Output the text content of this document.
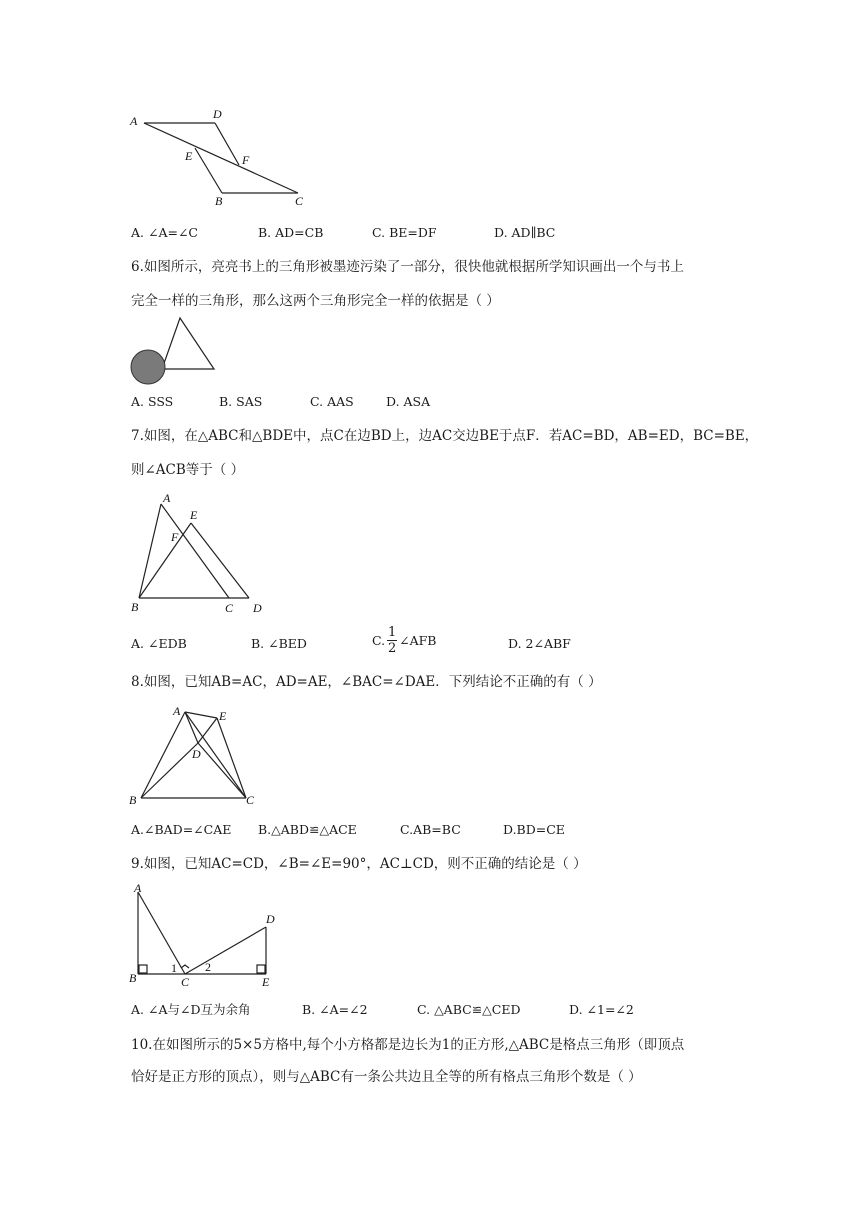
A	D
E	F
B	C
A. ∠A=∠C	B. AD=CB	C. BE=DF	D. AD∥BC
6.如图所示，亮亮书上的三角形被墨迹污染了一部分，很快他就根据所学知识画出一个与书上
完全一样的三角形，那么这两个三角形完全一样的依据是（ ）
A. SSS	B. SAS	C. AAS	D. ASA
7.如图，在△ABC和△BDE中，点C在边BD上，边AC交边BE于点F．若AC=BD，AB=ED，BC=BE，
则∠ACB等于（ ）
A
E
F
B	C D
A. ∠EDB	B. ∠BED	C. $\frac{1}{2}$ ∠AFB	D. 2∠ABF
8.如图，已知AB=AC，AD=AE，∠BAC=∠DAE．下列结论不正确的有（ ）
A	E
D
B	C
A.∠BAD=∠CAE B.△ABD≌△ACE	C.AB=BC	D.BD=CE
9.如图，已知AC=CD，∠B=∠E=90°，AC⊥CD，则不正确的结论是（ ）
A
B	C
D
E
1 2
A. ∠A与∠D互为余角	B. ∠A=∠2	C. △ABC≌△CED	D. ∠1=∠2
10.在如图所示的5×5方格中,每个小方格都是边长为1的正方形,△ABC是格点三角形（即顶点
恰好是正方形的顶点），则与△ABC有一条公共边且全等的所有格点三角形个数是（ ）
